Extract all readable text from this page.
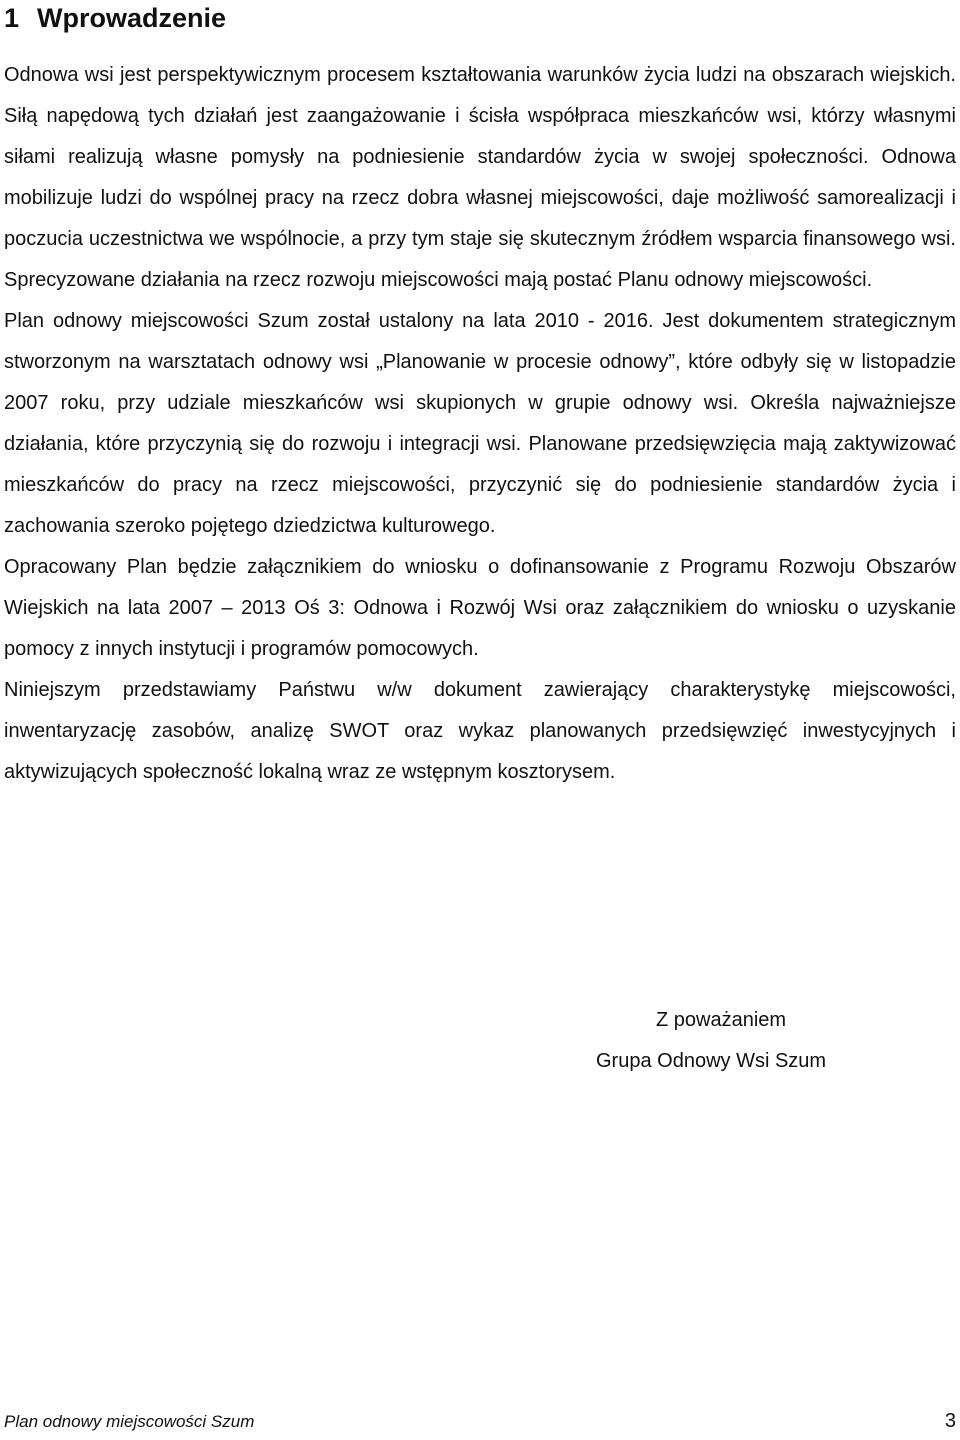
1 Wprowadzenie

Odnowa wsi jest perspektywicznym procesem kształtowania warunków życia ludzi na obszarach wiejskich. Siłą napędową tych działań jest zaangażowanie i ścisła współpraca mieszkańców wsi, którzy własnymi siłami realizują własne pomysły na podniesienie standardów życia w swojej społeczności. Odnowa mobilizuje ludzi do wspólnej pracy na rzecz dobra własnej miejscowości, daje możliwość samorealizacji i poczucia uczestnictwa we wspólnocie, a przy tym staje się skutecznym źródłem wsparcia finansowego wsi. Sprecyzowane działania na rzecz rozwoju miejscowości mają postać Planu odnowy miejscowości.

Plan odnowy miejscowości Szum został ustalony na lata 2010 - 2016. Jest dokumentem strategicznym stworzonym na warsztatach odnowy wsi „Planowanie w procesie odnowy”, które odbyły się w listopadzie 2007 roku, przy udziale mieszkańców wsi skupionych w grupie odnowy wsi. Określa najważniejsze działania, które przyczynią się do rozwoju i integracji wsi. Planowane przedsięwzięcia mają zaktywizować mieszkańców do pracy na rzecz miejscowości, przyczynić się do podniesienie standardów życia i zachowania szeroko pojętego dziedzictwa kulturowego.

Opracowany Plan będzie załącznikiem do wniosku o dofinansowanie z Programu Rozwoju Obszarów Wiejskich na lata 2007 – 2013 Oś 3: Odnowa i Rozwój Wsi oraz załącznikiem do wniosku o uzyskanie pomocy z innych instytucji i programów pomocowych.

Niniejszym przedstawiamy Państwu w/w dokument zawierający charakterystykę miejscowości, inwentaryzację zasobów, analizę SWOT oraz wykaz planowanych przedsięwzięć inwestycyjnych i aktywizujących społeczność lokalną wraz ze wstępnym kosztorysem.

Z poważaniem
Grupa Odnowy Wsi Szum
Plan odnowy miejscowości Szum	3
